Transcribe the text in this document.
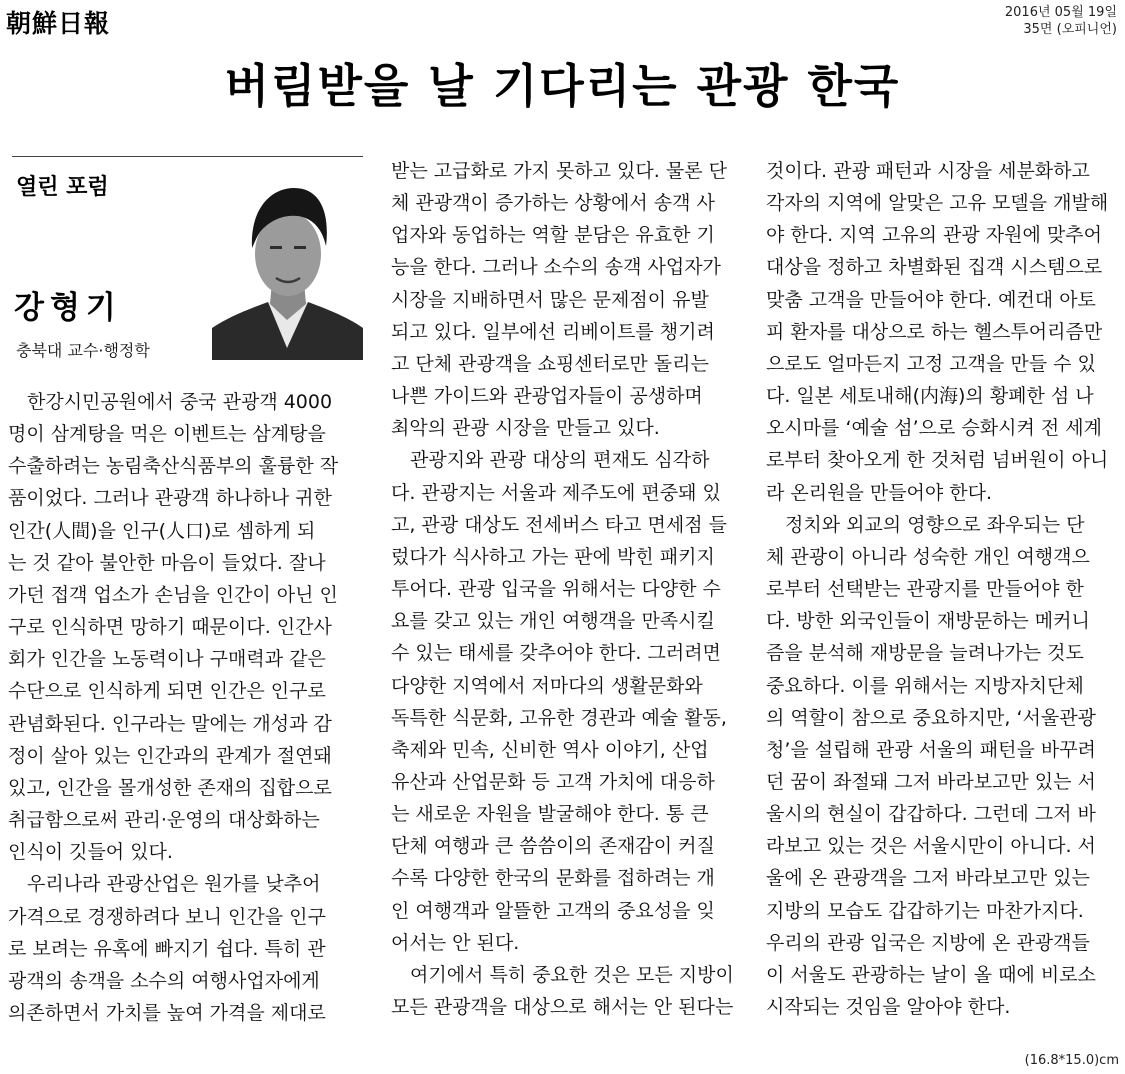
朝鮮日報	2016년 05월 19일
35면 (오피니언)
버림받을 날 기다리는 관광 한국
열린 포럼
강형기
충북대 교수·행정학

한강시민공원에서 중국 관광객 4000
명이 삼계탕을 먹은 이벤트는 삼계탕을
수출하려는 농림축산식품부의 훌륭한 작
품이었다. 그러나 관광객 하나하나 귀한
인간(人間)을 인구(人口)로 셈하게 되
는 것 같아 불안한 마음이 들었다. 잘나
가던 접객 업소가 손님을 인간이 아닌 인
구로 인식하면 망하기 때문이다. 인간사
회가 인간을 노동력이나 구매력과 같은
수단으로 인식하게 되면 인간은 인구로
관념화된다. 인구라는 말에는 개성과 감
정이 살아 있는 인간과의 관계가 절연돼
있고, 인간을 몰개성한 존재의 집합으로
취급함으로써 관리·운영의 대상화하는
인식이 깃들어 있다.

우리나라 관광산업은 원가를 낮추어
가격으로 경쟁하려다 보니 인간을 인구
로 보려는 유혹에 빠지기 쉽다. 특히 관
광객의 송객을 소수의 여행사업자에게
의존하면서 가치를 높여 가격을 제대로

받는 고급화로 가지 못하고 있다. 물론 단
체 관광객이 증가하는 상황에서 송객 사
업자와 동업하는 역할 분담은 유효한 기
능을 한다. 그러나 소수의 송객 사업자가
시장을 지배하면서 많은 문제점이 유발
되고 있다. 일부에선 리베이트를 챙기려
고 단체 관광객을 쇼핑센터로만 돌리는
나쁜 가이드와 관광업자들이 공생하며
최악의 관광 시장을 만들고 있다.

관광지와 관광 대상의 편재도 심각하
다. 관광지는 서울과 제주도에 편중돼 있
고, 관광 대상도 전세버스 타고 면세점 들
렀다가 식사하고 가는 판에 박힌 패키지
투어다. 관광 입국을 위해서는 다양한 수
요를 갖고 있는 개인 여행객을 만족시킬
수 있는 태세를 갖추어야 한다. 그러려면
다양한 지역에서 저마다의 생활문화와
독특한 식문화, 고유한 경관과 예술 활동,
축제와 민속, 신비한 역사 이야기, 산업
유산과 산업문화 등 고객 가치에 대응하
는 새로운 자원을 발굴해야 한다. 통 큰
단체 여행과 큰 씀씀이의 존재감이 커질
수록 다양한 한국의 문화를 접하려는 개
인 여행객과 알뜰한 고객의 중요성을 잊
어서는 안 된다.

여기에서 특히 중요한 것은 모든 지방이
모든 관광객을 대상으로 해서는 안 된다는

것이다. 관광 패턴과 시장을 세분화하고
각자의 지역에 알맞은 고유 모델을 개발해
야 한다. 지역 고유의 관광 자원에 맞추어
대상을 정하고 차별화된 집객 시스템으로
맞춤 고객을 만들어야 한다. 예컨대 아토
피 환자를 대상으로 하는 헬스투어리즘만
으로도 얼마든지 고정 고객을 만들 수 있
다. 일본 세토내해(内海)의 황폐한 섬 나
오시마를 ‘예술 섬’으로 승화시켜 전 세계
로부터 찾아오게 한 것처럼 넘버원이 아니
라 온리원을 만들어야 한다.

정치와 외교의 영향으로 좌우되는 단
체 관광이 아니라 성숙한 개인 여행객으
로부터 선택받는 관광지를 만들어야 한
다. 방한 외국인들이 재방문하는 메커니
즘을 분석해 재방문을 늘려나가는 것도
중요하다. 이를 위해서는 지방자치단체
의 역할이 참으로 중요하지만, ‘서울관광
청’을 설립해 관광 서울의 패턴을 바꾸려
던 꿈이 좌절돼 그저 바라보고만 있는 서
울시의 현실이 갑갑하다. 그런데 그저 바
라보고 있는 것은 서울시만이 아니다. 서
울에 온 관광객을 그저 바라보고만 있는
지방의 모습도 갑갑하기는 마찬가지다.
우리의 관광 입국은 지방에 온 관광객들
이 서울도 관광하는 날이 올 때에 비로소
시작되는 것임을 알아야 한다.

(16.8*15.0)cm
